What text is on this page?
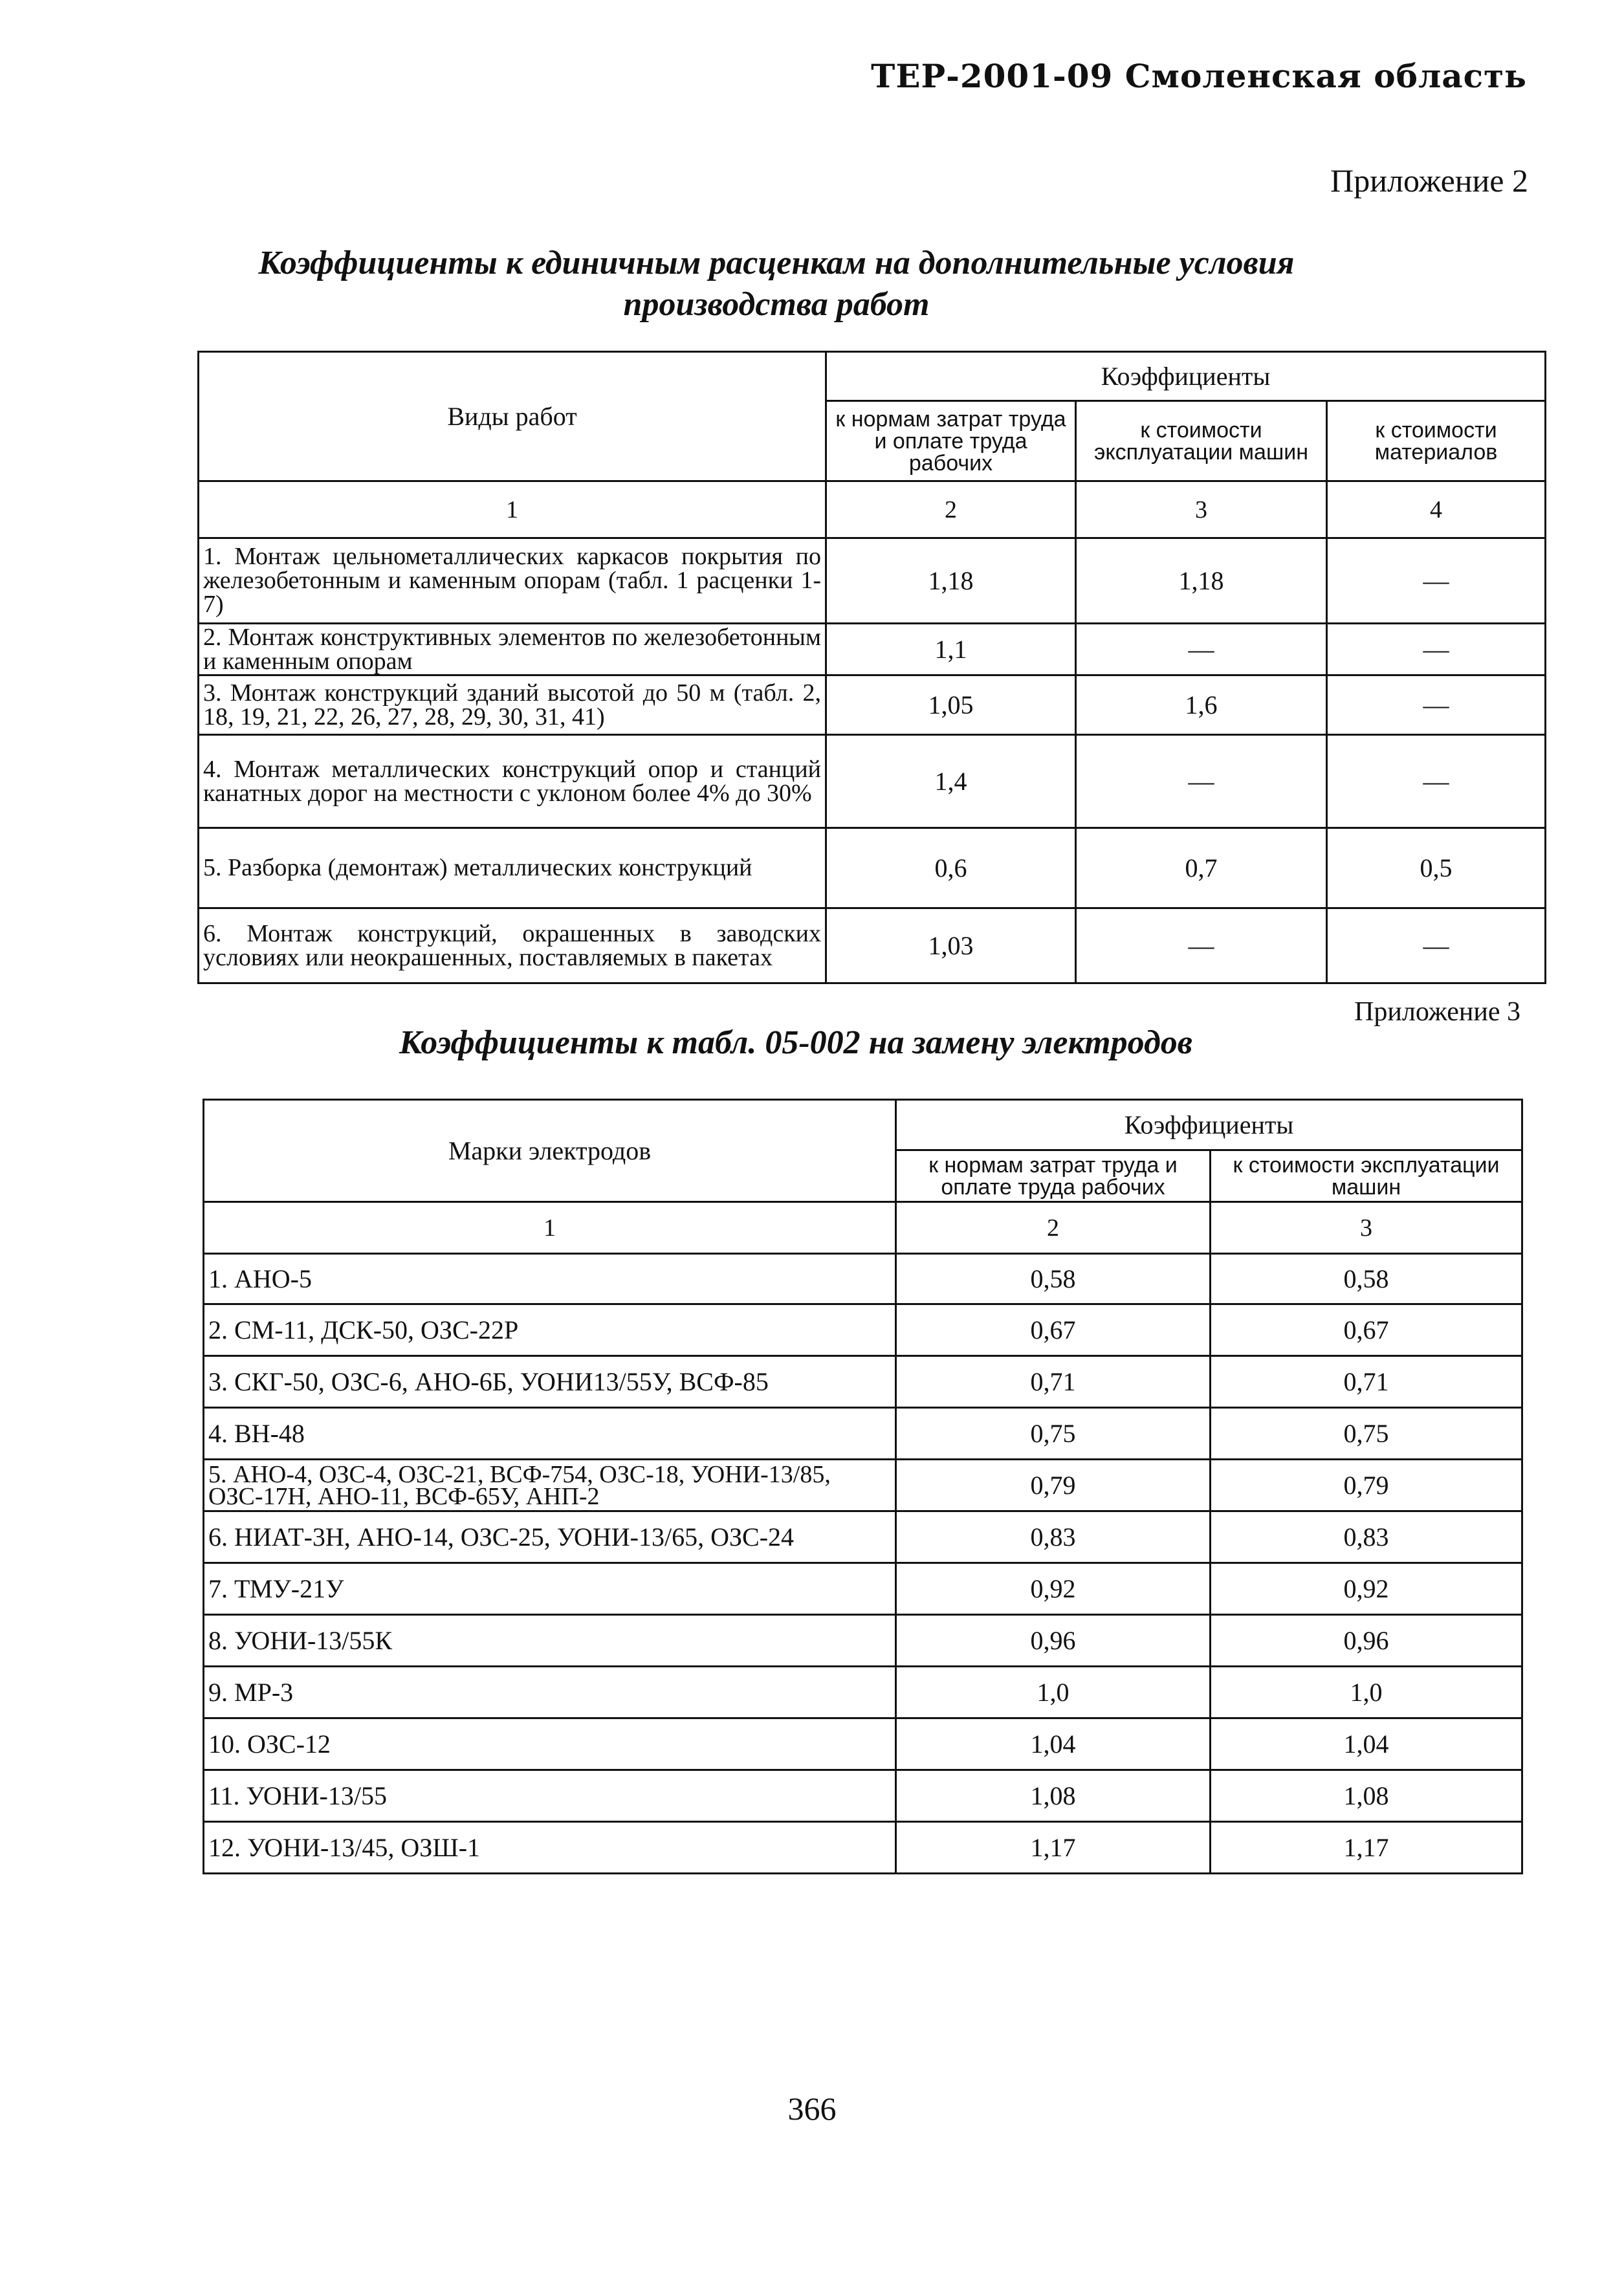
ТЕР-2001-09 Смоленская область
Приложение 2
Коэффициенты к единичным расценкам на дополнительные условия
производства работ
Виды работ	Коэффициенты		
	к нормам затрат труда и оплате труда рабочих	к стоимости эксплуатации машин	к стоимости материалов
1	2	3	4
1. Монтаж цельнометаллических каркасов покрытия по железобетонным и каменным опорам (табл. 1 расценки 1-7)	1,18	1,18	—
2. Монтаж конструктивных элементов по железобетонным и каменным опорам	1,1	—	—
3. Монтаж конструкций зданий высотой до 50 м (табл. 2, 18, 19, 21, 22, 26, 27, 28, 29, 30, 31, 41)	1,05	1,6	—
4. Монтаж металлических конструкций опор и станций канатных дорог на местности с уклоном более 4% до 30%	1,4	—	—
5. Разборка (демонтаж) металлических конструкций	0,6	0,7	0,5
6. Монтаж конструкций, окрашенных в заводских условиях или неокрашенных, поставляемых в пакетах	1,03	—	—
Приложение 3
Коэффициенты к табл. 05-002 на замену электродов
Марки электродов	Коэффициенты	
	к нормам затрат труда и оплате труда рабочих	к стоимости эксплуатации машин
1	2	3
1. АНО-5	0,58	0,58
2. СМ-11, ДСК-50, ОЗС-22Р	0,67	0,67
3. СКГ-50, ОЗС-6, АНО-6Б, УОНИ13/55У, ВСФ-85	0,71	0,71
4. ВН-48	0,75	0,75
5. АНО-4, ОЗС-4, ОЗС-21, ВСФ-754, ОЗС-18, УОНИ-13/85, ОЗС-17Н, АНО-11, ВСФ-65У, АНП-2	0,79	0,79
6. НИАТ-3Н, АНО-14, ОЗС-25, УОНИ-13/65, ОЗС-24	0,83	0,83
7. ТМУ-21У	0,92	0,92
8. УОНИ-13/55К	0,96	0,96
9. МР-3	1,0	1,0
10. ОЗС-12	1,04	1,04
11. УОНИ-13/55	1,08	1,08
12. УОНИ-13/45, ОЗШ-1	1,17	1,17
366
